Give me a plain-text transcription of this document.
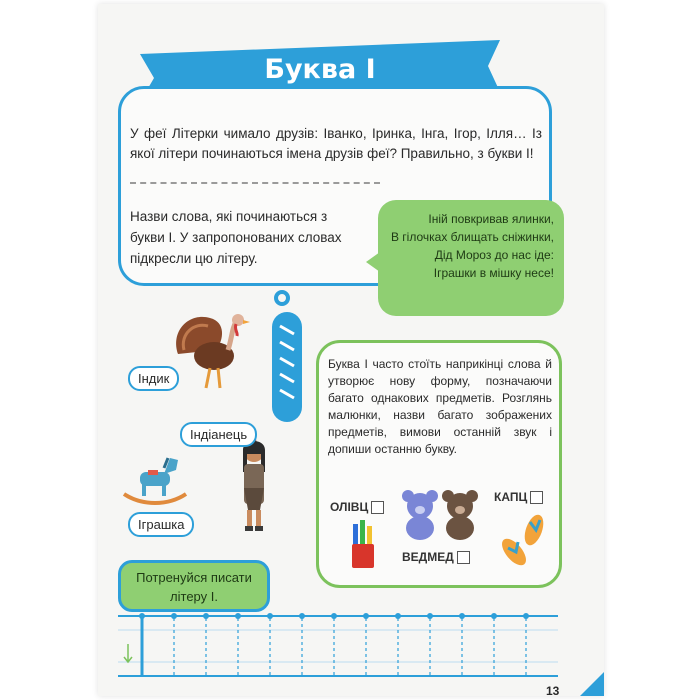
Буква І
У феї Літерки чимало друзів: Іванко, Іринка, Інга, Ігор, Ілля… Із якої літери починаються імена друзів феї? Правильно, з букви І!
Назви слова, які починаються з букви І. У запропонованих словах підкресли цю літеру.
Іній повкривав ялинки,
В гілочках блищать сніжинки,
Дід Мороз до нас іде:
Іграшки в мішку несе!
Індик
Індіанець
Іграшка
Буква І часто стоїть наприкінці слова й утворює нову форму, позначаючи багато однакових предметів. Розглянь малюнки, назви багато зображених предметів, вимови останній звук і допиши останню букву.
ОЛІВЦ
КАПЦ
ВЕДМЕД
Потренуйся писати літеру І.
13
